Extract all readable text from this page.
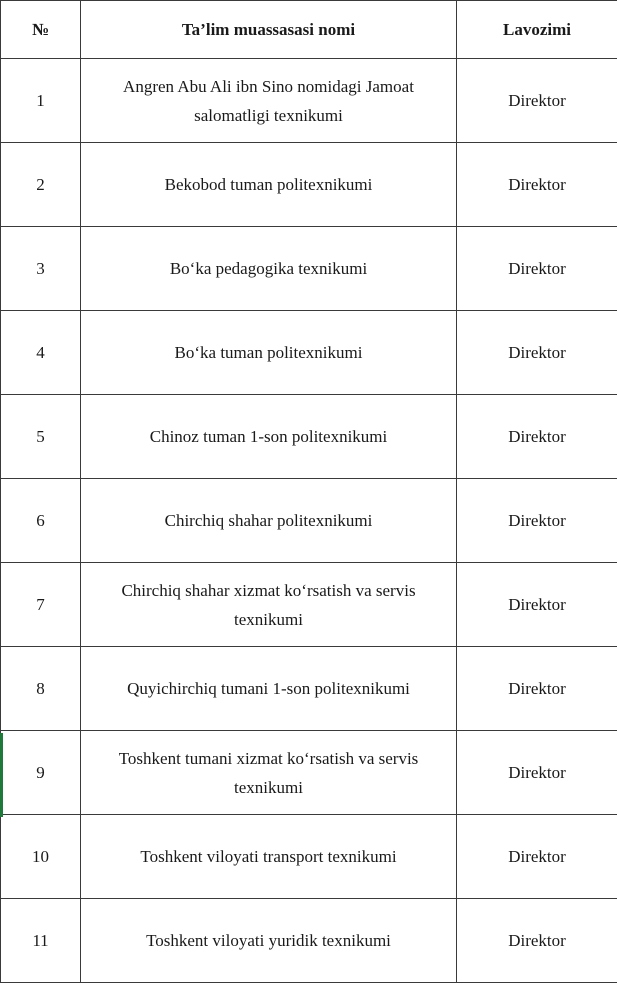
№	Ta’lim muassasasi nomi	Lavozimi
1	Angren Abu Ali ibn Sino nomidagi Jamoat salomatligi texnikumi	Direktor
2	Bekobod tuman politexnikumi	Direktor
3	Bo‘ka pedagogika texnikumi	Direktor
4	Bo‘ka tuman politexnikumi	Direktor
5	Chinoz tuman 1-son politexnikumi	Direktor
6	Chirchiq shahar politexnikumi	Direktor
7	Chirchiq shahar xizmat ko‘rsatish va servis texnikumi	Direktor
8	Quyichirchiq tumani 1-son politexnikumi	Direktor
9	Toshkent tumani xizmat ko‘rsatish va servis texnikumi	Direktor
10	Toshkent viloyati transport texnikumi	Direktor
11	Toshkent viloyati yuridik texnikumi	Direktor
